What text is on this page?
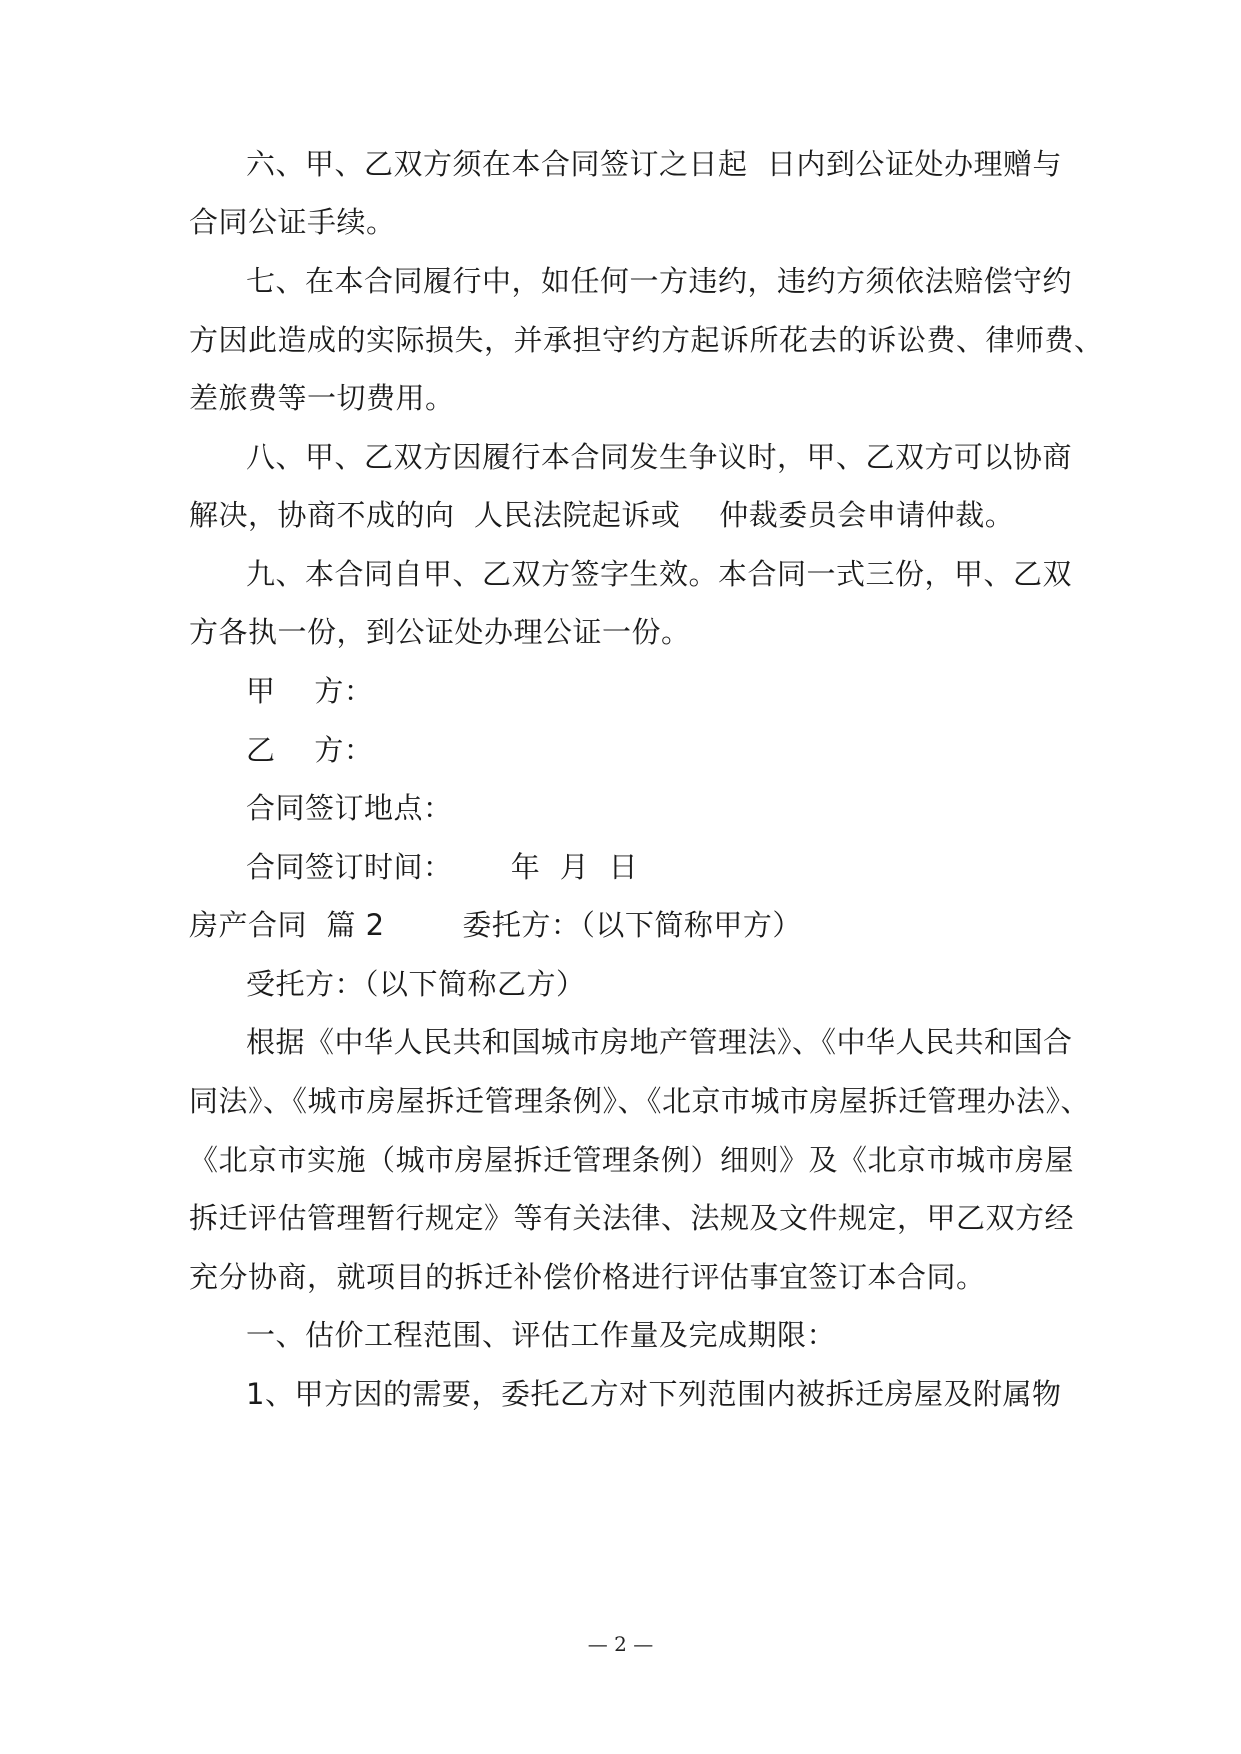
六、甲、乙双方须在本合同签订之日起  日内到公证处办理赠与
合同公证手续。
七、在本合同履行中，如任何一方违约，违约方须依法赔偿守约
方因此造成的实际损失，并承担守约方起诉所花去的诉讼费、律师费、
差旅费等一切费用。
八、甲、乙双方因履行本合同发生争议时，甲、乙双方可以协商
解决，协商不成的向  人民法院起诉或    仲裁委员会申请仲裁。
九、本合同自甲、乙双方签字生效。本合同一式三份，甲、乙双
方各执一份，到公证处办理公证一份。
甲    方：
乙    方：
合同签订地点：
合同签订时间：      年  月  日
房产合同  篇 2        委托方：（以下简称甲方）
受托方：（以下简称乙方）
根据《中华人民共和国城市房地产管理法》、《中华人民共和国合
同法》、《城市房屋拆迁管理条例》、《北京市城市房屋拆迁管理办法》、
《北京市实施（城市房屋拆迁管理条例）细则》及《北京市城市房屋
拆迁评估管理暂行规定》等有关法律、法规及文件规定，甲乙双方经
充分协商，就项目的拆迁补偿价格进行评估事宜签订本合同。
一、估价工程范围、评估工作量及完成期限：
1、甲方因的需要，委托乙方对下列范围内被拆迁房屋及附属物
— 2 —
